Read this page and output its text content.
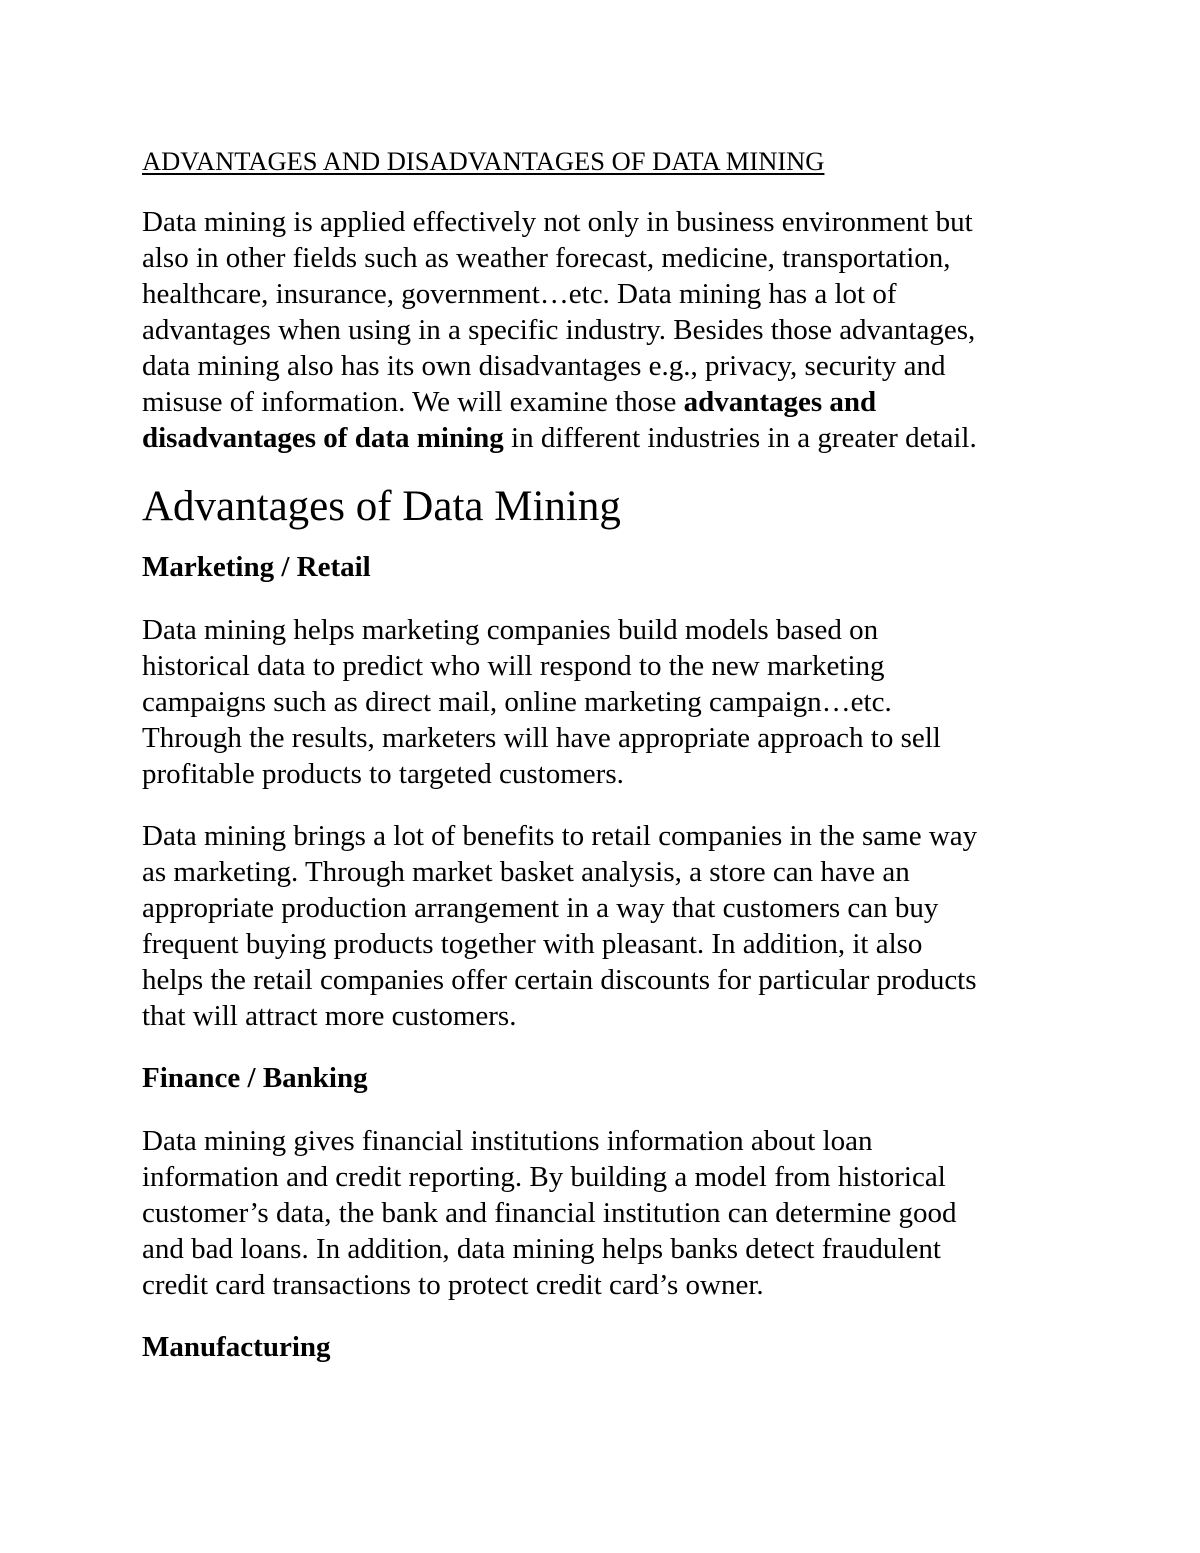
ADVANTAGES AND DISADVANTAGES OF DATA MINING

Data mining is applied effectively not only in business environment but
also in other fields such as weather forecast, medicine, transportation,
healthcare, insurance, government…etc. Data mining has a lot of
advantages when using in a specific industry. Besides those advantages,
data mining also has its own disadvantages e.g., privacy, security and
misuse of information. We will examine those advantages and
disadvantages of data mining in different industries in a greater detail.

Advantages of Data Mining
Marketing / Retail

Data mining helps marketing companies build models based on
historical data to predict who will respond to the new marketing
campaigns such as direct mail, online marketing campaign…etc.
Through the results, marketers will have appropriate approach to sell
profitable products to targeted customers.

Data mining brings a lot of benefits to retail companies in the same way
as marketing. Through market basket analysis, a store can have an
appropriate production arrangement in a way that customers can buy
frequent buying products together with pleasant. In addition, it also
helps the retail companies offer certain discounts for particular products
that will attract more customers.

Finance / Banking

Data mining gives financial institutions information about loan
information and credit reporting. By building a model from historical
customer’s data, the bank and financial institution can determine good
and bad loans. In addition, data mining helps banks detect fraudulent
credit card transactions to protect credit card’s owner.

Manufacturing
